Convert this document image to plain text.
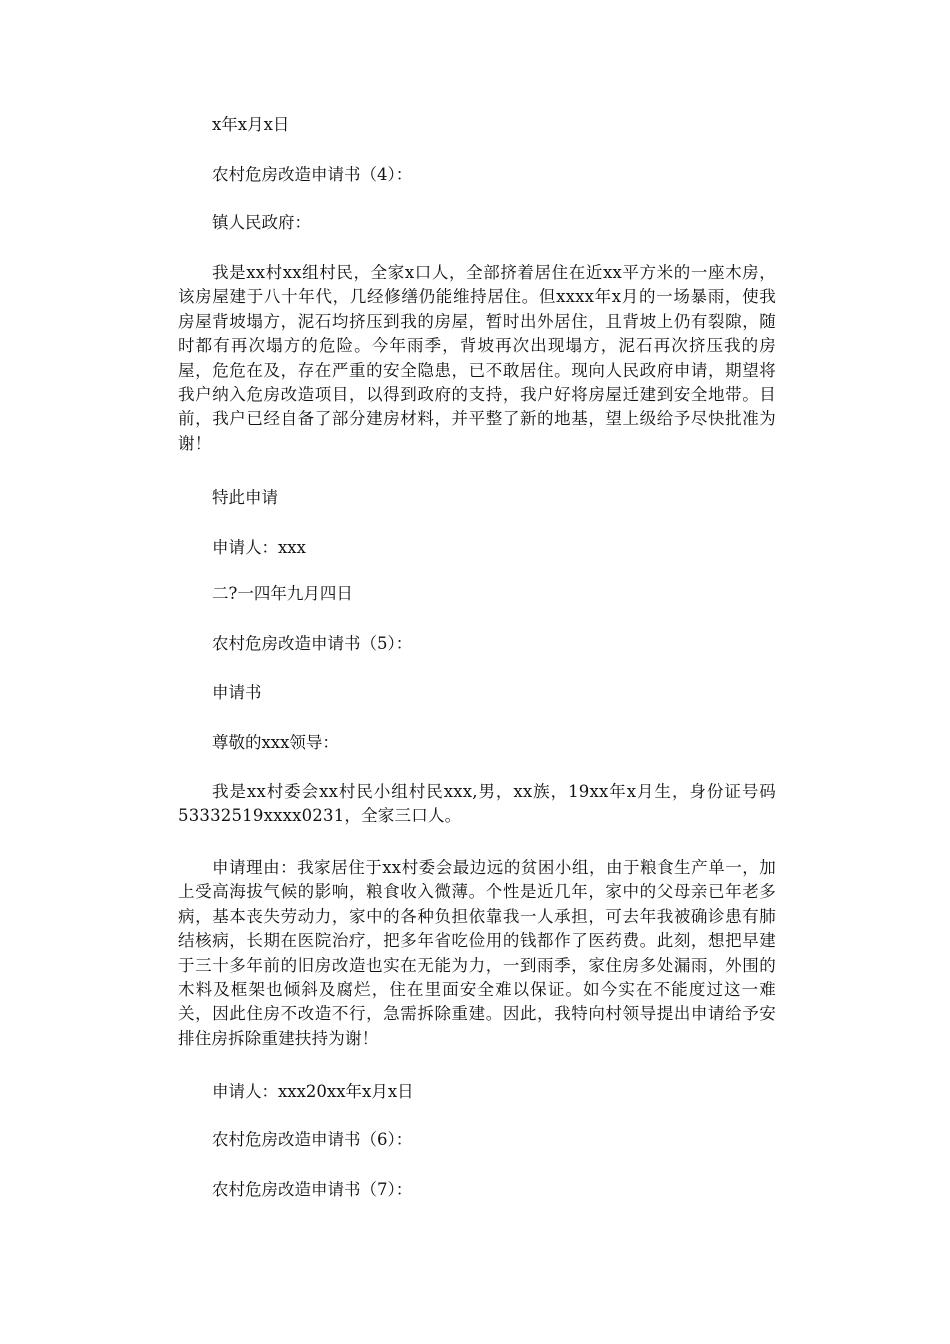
x年x月x日
农村危房改造申请书（4）：
镇人民政府：
我是xx村xx组村民，全家x口人，全部挤着居住在近xx平方米的一座木房，该房屋建于八十年代，几经修缮仍能维持居住。但xxxx年x月的一场暴雨，使我房屋背坡塌方，泥石均挤压到我的房屋，暂时出外居住，且背坡上仍有裂隙，随时都有再次塌方的危险。今年雨季，背坡再次出现塌方，泥石再次挤压我的房屋，危危在及，存在严重的安全隐患，已不敢居住。现向人民政府申请，期望将我户纳入危房改造项目，以得到政府的支持，我户好将房屋迁建到安全地带。目前，我户已经自备了部分建房材料，并平整了新的地基，望上级给予尽快批准为谢！
特此申请
申请人：xxx
二?一四年九月四日
农村危房改造申请书（5）：
申请书
尊敬的xxx领导：
我是xx村委会xx村民小组村民xxx,男，xx族，19xx年x月生，身份证号码53332519xxxx0231，全家三口人。
申请理由：我家居住于xx村委会最边远的贫困小组，由于粮食生产单一，加上受高海拔气候的影响，粮食收入微薄。个性是近几年，家中的父母亲已年老多病，基本丧失劳动力，家中的各种负担依靠我一人承担，可去年我被确诊患有肺结核病，长期在医院治疗，把多年省吃俭用的钱都作了医药费。此刻，想把早建于三十多年前的旧房改造也实在无能为力，一到雨季，家住房多处漏雨，外围的木料及框架也倾斜及腐烂，住在里面安全难以保证。如今实在不能度过这一难关，因此住房不改造不行，急需拆除重建。因此，我特向村领导提出申请给予安排住房拆除重建扶持为谢！
申请人：xxx20xx年x月x日
农村危房改造申请书（6）：
农村危房改造申请书（7）：
